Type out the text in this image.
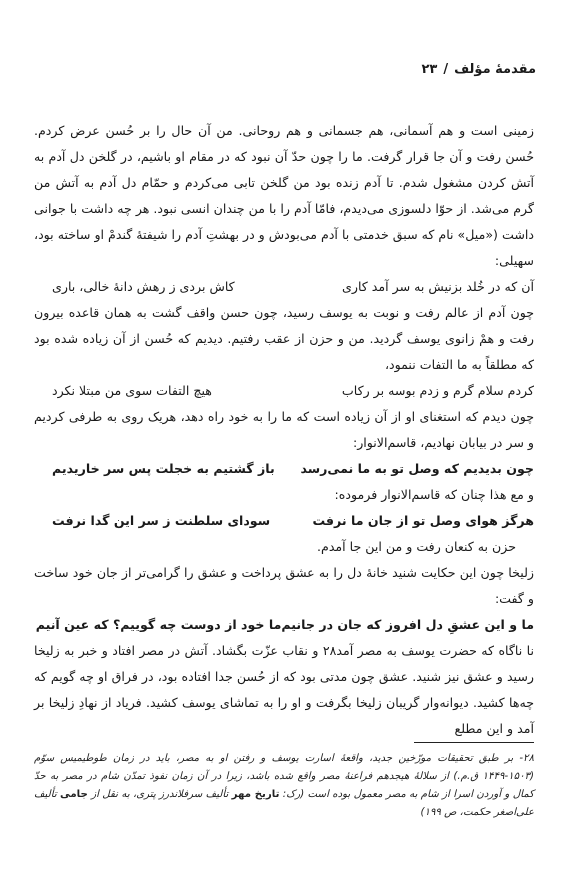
مقدمهٔ مؤلف/۲۳

زمینی است و هم آسمانی، هم جسمانی و هم روحانی. من آن حال را بر حُسن عرض کردم. حُسن رفت و آن جا قرار گرفت. ما را چون حدّ آن نبود که در مقام او باشیم، در گلخن دل آدم به آتش کردن مشغول شدم. تا آدم زنده بود من گلخن تابی می‌کردم و حمّام دل آدم به آتش من گرم می‌شد. از حوّا دلسوزی می‌دیدم، فامّا آدم را با من چندان انسی نبود. هر چه داشت با جوانی داشت («میل» نام که سبق خدمتی با آدم می‌بودش و در بهشتِ آدم را شیفتهٔ گندمْ او ساخته بود، سهیلی:

آن که در خُلد بزنیش به سر آمد کاری
کاش بردی ز رهش دانهٔ خالی، باری

چون آدم از عالم رفت و نوبت به یوسف رسید، چون حسن واقف گشت به همان قاعده بیرون رفت و همْ زانوی یوسف گردید. من و حزن از عقب رفتیم. دیدیم که حُسن از آن زیاده شده بود که مطلقاً به ما التفات ننمود،

کردم سلام گرم و زدم بوسه بر رکاب
هیچ التفات سوی من مبتلا نکرد

چون دیدم که استغنای او از آن زیاده است که ما را به خود راه دهد، هریک روی به طرفی کردیم و سر در بیابان نهادیم، قاسم‌الانوار:

چون بدیدیم که وصل تو به ما نمی‌رسد
باز گشتیم به خجلت پس سر خاریدیم

و مع هذا چنان که قاسم‌الانوار فرموده:

هرگز هوای وصل تو از جان ما نرفت
سودای سلطنت ز سر این گدا نرفت

حزن به کنعان رفت و من این جا آمدم.

زلیخا چون این حکایت شنید خانهٔ دل را به عشق پرداخت و عشق را گرامی‌تر از جان خود ساخت و گفت:

ما و این عشقِ دل افروز که جان در جانیم
ما خود از دوست چه گوییم؟ که عین آنیم

نا ناگاه که حضرت یوسف به مصر آمد۲۸ و نقاب عزّت بگشاد. آتش در مصر افتاد و خبر به زلیخا رسید و عشق نیز شنید. عشق چون مدتی بود که از حُسن جدا افتاده بود، در فراق او چه گویم که چه‌ها کشید. دیوانه‌وار گریبان زلیخا بگرفت و او را به تماشای یوسف کشید. فریاد از نهادِ زلیخا بر آمد و این مطلع

۲۸- بر طبق تحقیقات مورّخین جدید، واقعهٔ اسارت یوسف و رفتن او به مصر، باید در زمان طوطیمیس سوّم (۱۵۰۳-۱۴۴۹ ق.م.) از سلالهٔ هیجدهم فراعنهٔ مصر واقع شده باشد، زیرا در آن زمان نفوذ تمدّن شام در مصر به حدّ کمال و آوردن اسرا از شام به مصر معمول بوده است (رک: تاریخ مهر تألیف سرفلاندرز پتری، به نقل از جامی تألیف علی‌اصغر حکمت، ص ۱۹۹)
